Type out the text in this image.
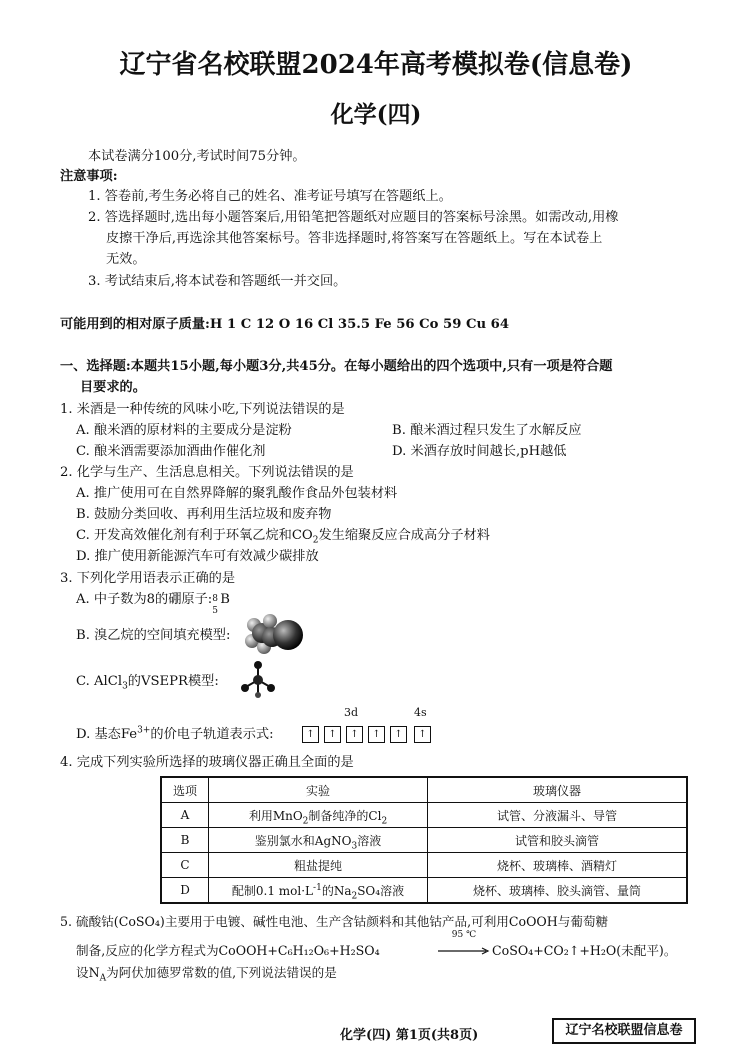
辽宁省名校联盟2024年高考模拟卷(信息卷)
化学(四)
本试卷满分100分,考试时间75分钟。
注意事项:
1. 答卷前,考生务必将自己的姓名、准考证号填写在答题纸上。
2. 答选择题时,选出每小题答案后,用铅笔把答题纸对应题目的答案标号涂黑。如需改动,用橡
皮擦干净后,再选涂其他答案标号。答非选择题时,将答案写在答题纸上。写在本试卷上
无效。
3. 考试结束后,将本试卷和答题纸一并交回。
可能用到的相对原子质量:H 1 C 12 O 16 Cl 35.5 Fe 56 Co 59 Cu 64
一、选择题:本题共15小题,每小题3分,共45分。在每小题给出的四个选项中,只有一项是符合题
目要求的。
1. 米酒是一种传统的风味小吃,下列说法错误的是
A. 酿米酒的原材料的主要成分是淀粉	B. 酿米酒过程只发生了水解反应
C. 酿米酒需要添加酒曲作催化剂	D. 米酒存放时间越长,pH越低
2. 化学与生产、生活息息相关。下列说法错误的是
A. 推广使用可在自然界降解的聚乳酸作食品外包装材料
B. 鼓励分类回收、再利用生活垃圾和废弃物
C. 开发高效催化剂有利于环氧乙烷和$CO_2$发生缩聚反应合成高分子材料
D. 推广使用新能源汽车可有效减少碳排放
3. 下列化学用语表示正确的是
A. 中子数为8的硼原子: 8
5
B
B. 溴乙烷的空间填充模型:
C. AlCl$_3$的VSEPR模型:
3d	4s
D. 基态$Fe^{3+}$的价电子轨道表示式:	↑	↑	↑	↑	↑	↑
4. 完成下列实验所选择的玻璃仪器正确且全面的是
选项	实验	玻璃仪器
A	利用MnO$_2$制备纯净的$Cl_2$	试管、分液漏斗、导管
B	鉴别氯水和AgNO$_3$溶液	试管和胶头滴管
C	粗盐提纯	烧杯、玻璃棒、酒精灯
D	配制0.1 $mol\cdot L^{-1}$的$Na_2SO_4$溶液	烧杯、玻璃棒、胶头滴管、量筒
5. 硫酸钴(CoSO₄)主要用于电镀、碱性电池、生产含钴颜料和其他钴产品,可利用CoOOH与葡萄糖
制备,反应的化学方程式为CoOOH+C₆H₁₂O₆+H₂SO₄
95 ℃
CoSO₄+CO₂↑+H₂O(未配平)。
设$N_A$为阿伏加德罗常数的值,下列说法错误的是
化学(四) 第1页(共8页)	辽宁名校联盟信息卷
